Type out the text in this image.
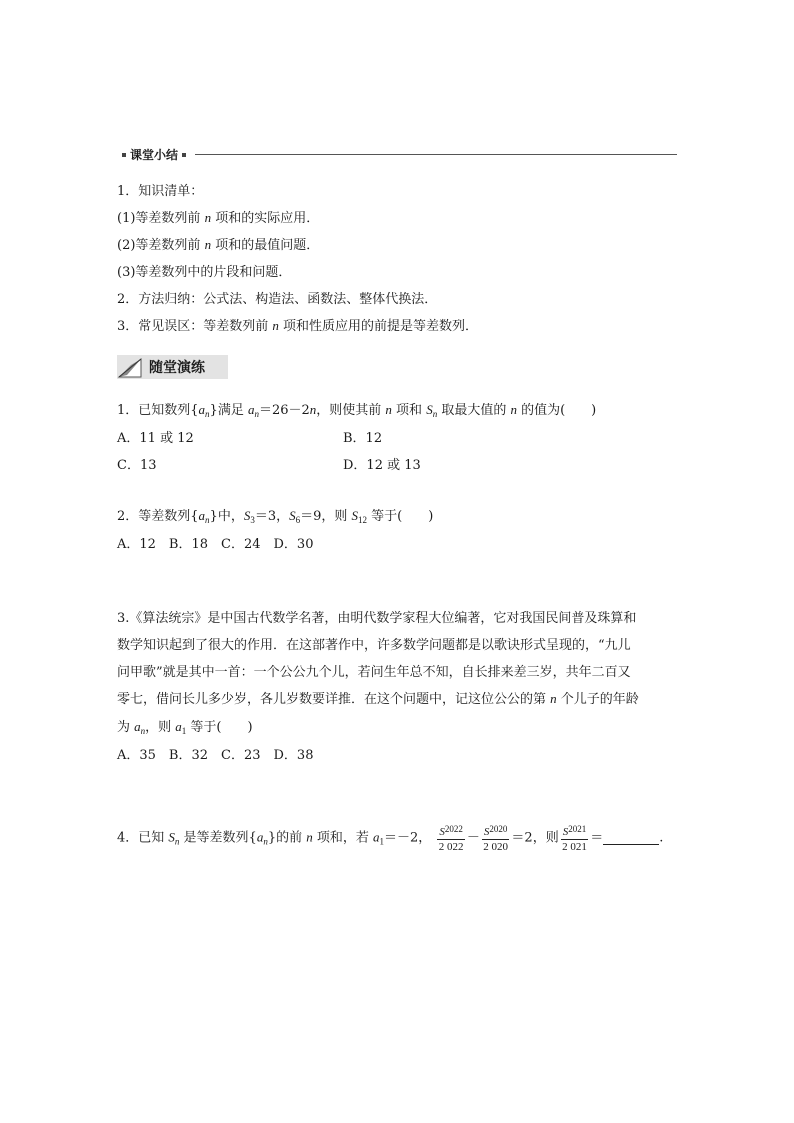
课堂小结
1．知识清单：
(1)等差数列前 n 项和的实际应用．
(2)等差数列前 n 项和的最值问题．
(3)等差数列中的片段和问题．
2．方法归纳：公式法、构造法、函数法、整体代换法．
3．常见误区：等差数列前 n 项和性质应用的前提是等差数列．
随堂演练
1．已知数列$\{a_n\}$满足 $a_n=26-2n$，则使其前 n 项和 $S_n$ 取最大值的 n 的值为(　　)
A．11 或 12	B．12
C．13	D．12 或 13
2．等差数列$\{a_n\}$中，$S_3=3$，$S_6=9$，则 $S_{12}$ 等于(　　)
A．12　B．18　C．24　D．30
3.《算法统宗》是中国古代数学名著，由明代数学家程大位编著，它对我国民间普及珠算和
数学知识起到了很大的作用．在这部著作中，许多数学问题都是以歌诀形式呈现的，“九儿
问甲歌”就是其中一首：一个公公九个儿，若问生年总不知，自长排来差三岁，共年二百又
零七，借问长儿多少岁，各儿岁数要详推．在这个问题中，记这位公公的第 n 个儿子的年龄
为 $a_n$，则 $a_1$ 等于(　　)
A．35　B．32　C．23　D．38
4．已知 $S_n$ 是等差数列$\{a_n\}$的前 n 项和，若 $a_1=-2$， $\frac{S^{2022}}{2 022} - \frac{S^{2020}}{2 020} =2$，则 $\frac{S^{2021}}{2 021}$ ＝	.
